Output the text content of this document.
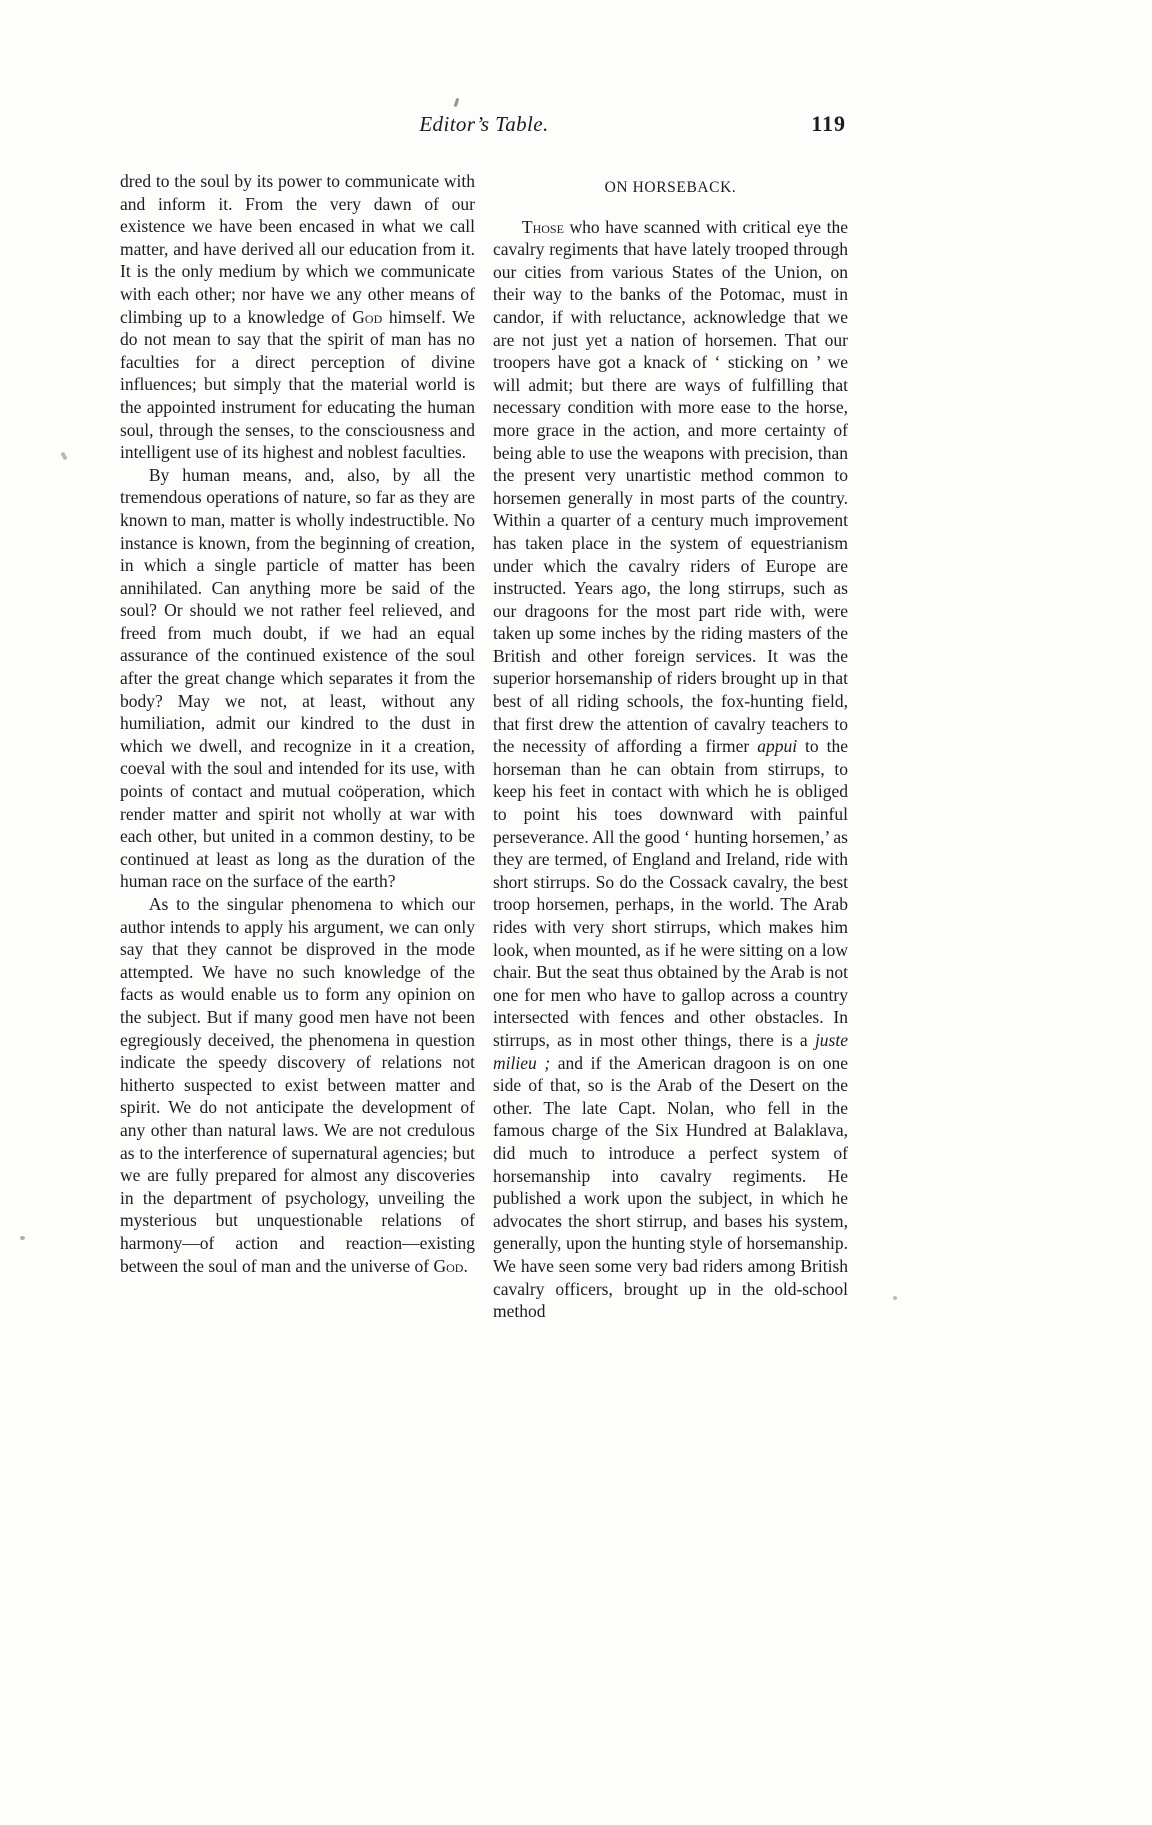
Editor’s Table.	119

dred to the soul by its power to communicate with and inform it. From the very dawn of our existence we have been encased in what we call matter, and have derived all our education from it. It is the only medium by which we communicate with each other; nor have we any other means of climbing up to a knowledge of God himself. We do not mean to say that the spirit of man has no faculties for a direct perception of divine influences; but simply that the material world is the appointed instrument for educating the human soul, through the senses, to the consciousness and intelligent use of its highest and noblest faculties.

By human means, and, also, by all the tremendous operations of nature, so far as they are known to man, matter is wholly indestructible. No instance is known, from the beginning of creation, in which a single particle of matter has been annihilated. Can anything more be said of the soul? Or should we not rather feel relieved, and freed from much doubt, if we had an equal assurance of the continued existence of the soul after the great change which separates it from the body? May we not, at least, without any humiliation, admit our kindred to the dust in which we dwell, and recognize in it a creation, coeval with the soul and intended for its use, with points of contact and mutual coöperation, which render matter and spirit not wholly at war with each other, but united in a common destiny, to be continued at least as long as the duration of the human race on the surface of the earth?

As to the singular phenomena to which our author intends to apply his argument, we can only say that they cannot be disproved in the mode attempted. We have no such knowledge of the facts as would enable us to form any opinion on the subject. But if many good men have not been egregiously deceived, the phenomena in question indicate the speedy discovery of relations not hitherto suspected to exist between matter and spirit. We do not anticipate the development of any other than natural laws. We are not credulous as to the interference of supernatural agencies; but we are fully prepared for almost any discoveries in the department of psychology, unveiling the mysterious but unquestionable relations of harmony—of action and reaction—existing between the soul of man and the universe of God.

ON HORSEBACK.

Those who have scanned with critical eye the cavalry regiments that have lately trooped through our cities from various States of the Union, on their way to the banks of the Potomac, must in candor, if with reluctance, acknowledge that we are not just yet a nation of horsemen. That our troopers have got a knack of ‘ sticking on ’ we will admit; but there are ways of fulfilling that necessary condition with more ease to the horse, more grace in the action, and more certainty of being able to use the weapons with precision, than the present very unartistic method common to horsemen generally in most parts of the country. Within a quarter of a century much improvement has taken place in the system of equestrianism under which the cavalry riders of Europe are instructed. Years ago, the long stirrups, such as our dragoons for the most part ride with, were taken up some inches by the riding masters of the British and other foreign services. It was the superior horsemanship of riders brought up in that best of all riding schools, the fox-hunting field, that first drew the attention of cavalry teachers to the necessity of affording a firmer appui to the horseman than he can obtain from stirrups, to keep his feet in contact with which he is obliged to point his toes downward with painful perseverance. All the good ‘ hunting horsemen,’ as they are termed, of England and Ireland, ride with short stirrups. So do the Cossack cavalry, the best troop horsemen, perhaps, in the world. The Arab rides with very short stirrups, which makes him look, when mounted, as if he were sitting on a low chair. But the seat thus obtained by the Arab is not one for men who have to gallop across a country intersected with fences and other obstacles. In stirrups, as in most other things, there is a juste milieu ; and if the American dragoon is on one side of that, so is the Arab of the Desert on the other. The late Capt. Nolan, who fell in the famous charge of the Six Hundred at Balaklava, did much to introduce a perfect system of horsemanship into cavalry regiments. He published a work upon the subject, in which he advocates the short stirrup, and bases his system, generally, upon the hunting style of horsemanship. We have seen some very bad riders among British cavalry officers, brought up in the old-school method
